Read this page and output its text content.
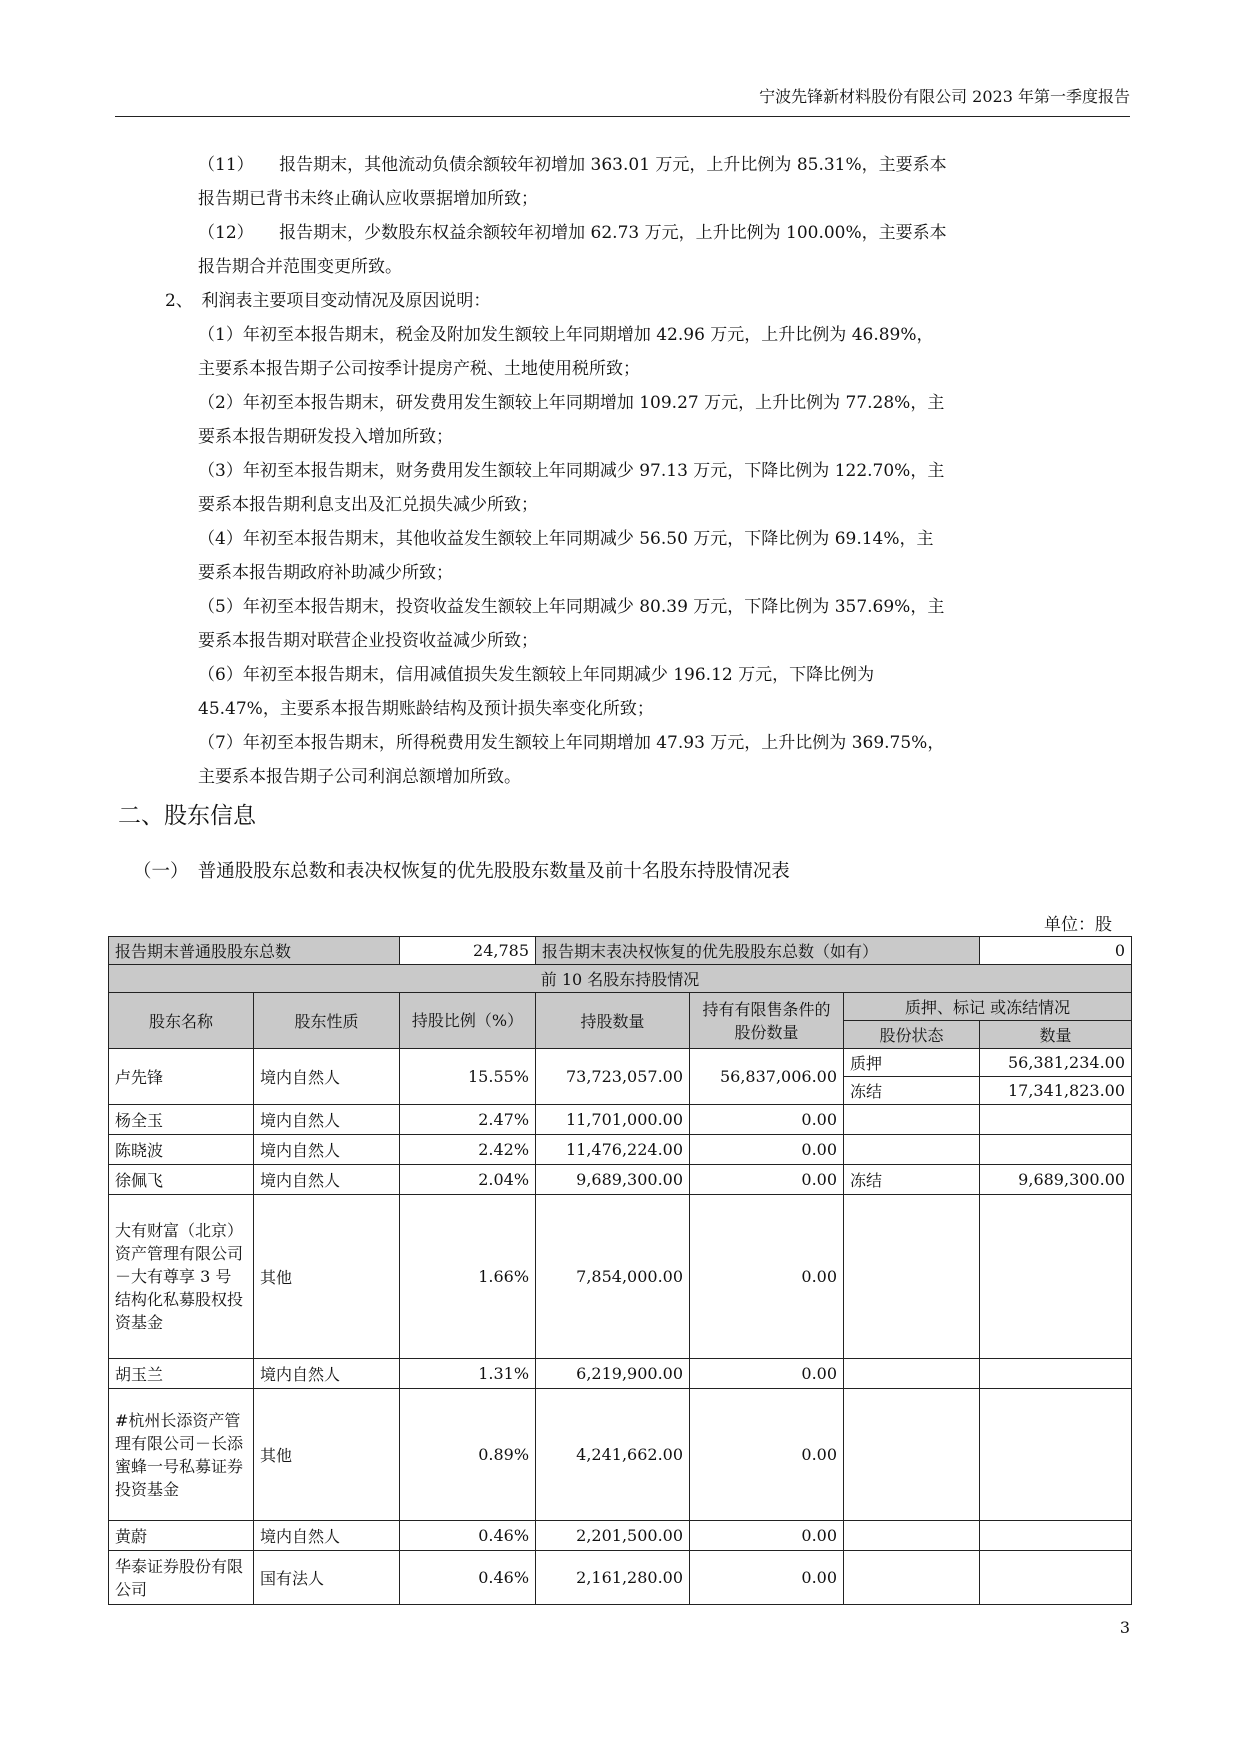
宁波先锋新材料股份有限公司 2023 年第一季度报告
（11）　　报告期末，其他流动负债余额较年初增加 363.01 万元，上升比例为 85.31%，主要系本
报告期已背书未终止确认应收票据增加所致；
（12）　　报告期末，少数股东权益余额较年初增加 62.73 万元，上升比例为 100.00%，主要系本
报告期合并范围变更所致。
2、　利润表主要项目变动情况及原因说明：
（1）年初至本报告期末，税金及附加发生额较上年同期增加 42.96 万元，上升比例为 46.89%，
主要系本报告期子公司按季计提房产税、土地使用税所致；
（2）年初至本报告期末，研发费用发生额较上年同期增加 109.27 万元，上升比例为 77.28%，主
要系本报告期研发投入增加所致；
（3）年初至本报告期末，财务费用发生额较上年同期减少 97.13 万元，下降比例为 122.70%，主
要系本报告期利息支出及汇兑损失减少所致；
（4）年初至本报告期末，其他收益发生额较上年同期减少 56.50 万元，下降比例为 69.14%，主
要系本报告期政府补助减少所致；
（5）年初至本报告期末，投资收益发生额较上年同期减少 80.39 万元，下降比例为 357.69%，主
要系本报告期对联营企业投资收益减少所致；
（6）年初至本报告期末，信用减值损失发生额较上年同期减少 196.12 万元，下降比例为
45.47%，主要系本报告期账龄结构及预计损失率变化所致；
（7）年初至本报告期末，所得税费用发生额较上年同期增加 47.93 万元，上升比例为 369.75%，
主要系本报告期子公司利润总额增加所致。
二、股东信息
（一）　普通股股东总数和表决权恢复的优先股股东数量及前十名股东持股情况表
单位：股
报告期末普通股股东总数		24,785	报告期末表决权恢复的优先股股东总数（如有）			0
前 10 名股东持股情况						
股东名称	股东性质	持股比例（%）	持股数量	持有有限售条件的股份数量	质押、标记 或冻结情况	
					股份状态	数量
卢先锋	境内自然人	15.55%	73,723,057.00	56,837,006.00	质押	56,381,234.00
					冻结	17,341,823.00
杨全玉	境内自然人	2.47%	11,701,000.00	0.00		
陈晓波	境内自然人	2.42%	11,476,224.00	0.00		
徐佩飞	境内自然人	2.04%	9,689,300.00	0.00	冻结	9,689,300.00
大有财富（北京）资产管理有限公司－大有尊享 3 号结构化私募股权投资基金	其他	1.66%	7,854,000.00	0.00		
胡玉兰	境内自然人	1.31%	6,219,900.00	0.00		
#杭州长添资产管理有限公司－长添蜜蜂一号私募证券投资基金	其他	0.89%	4,241,662.00	0.00		
黄蔚	境内自然人	0.46%	2,201,500.00	0.00		
华泰证券股份有限公司	国有法人	0.46%	2,161,280.00	0.00		
3
